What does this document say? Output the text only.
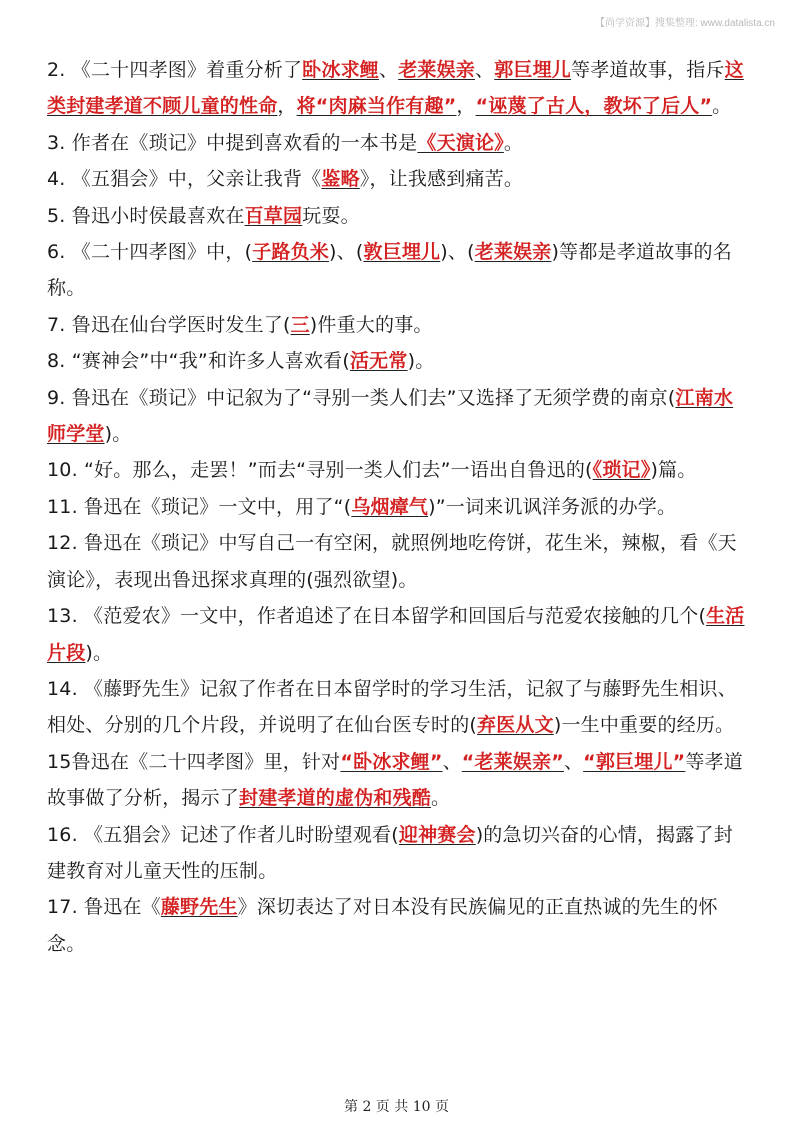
【尚学资源】搜集整理: www.datalista.cn

2. 《二十四孝图》着重分析了卧冰求鲤、老莱娱亲、郭巨埋儿等孝道故事，指斥这类封建孝道不顾儿童的性命，将“肉麻当作有趣”，“诬蔑了古人，教坏了后人”。

3. 作者在《琐记》中提到喜欢看的一本书是《天演论》。

4. 《五猖会》中，父亲让我背《鉴略》，让我感到痛苦。

5. 鲁迅小时侯最喜欢在百草园玩耍。

6. 《二十四孝图》中，(子路负米)、(敦巨埋儿)、(老莱娱亲)等都是孝道故事的名称。

7. 鲁迅在仙台学医时发生了(三)件重大的事。

8. “赛神会”中“我”和许多人喜欢看(活无常)。

9. 鲁迅在《琐记》中记叙为了“寻别一类人们去”又选择了无须学费的南京(江南水师学堂)。

10. “好。那么，走罢！”而去“寻别一类人们去”一语出自鲁迅的(《琐记》)篇。

11. 鲁迅在《琐记》一文中，用了“(乌烟瘴气)”一词来讥讽洋务派的办学。

12. 鲁迅在《琐记》中写自己一有空闲，就照例地吃侉饼，花生米，辣椒，看《天演论》，表现出鲁迅探求真理的(强烈欲望)。

13. 《范爱农》一文中，作者追述了在日本留学和回国后与范爱农接触的几个(生活片段)。

14. 《藤野先生》记叙了作者在日本留学时的学习生活，记叙了与藤野先生相识、相处、分别的几个片段，并说明了在仙台医专时的(弃医从文)一生中重要的经历。

15鲁迅在《二十四孝图》里，针对“卧冰求鲤”、“老莱娱亲”、“郭巨埋儿”等孝道故事做了分析，揭示了封建孝道的虚伪和残酷。

16. 《五猖会》记述了作者儿时盼望观看(迎神赛会)的急切兴奋的心情，揭露了封建教育对儿童天性的压制。

17. 鲁迅在《藤野先生》深切表达了对日本没有民族偏见的正直热诚的先生的怀念。

第 2 页 共 10 页
